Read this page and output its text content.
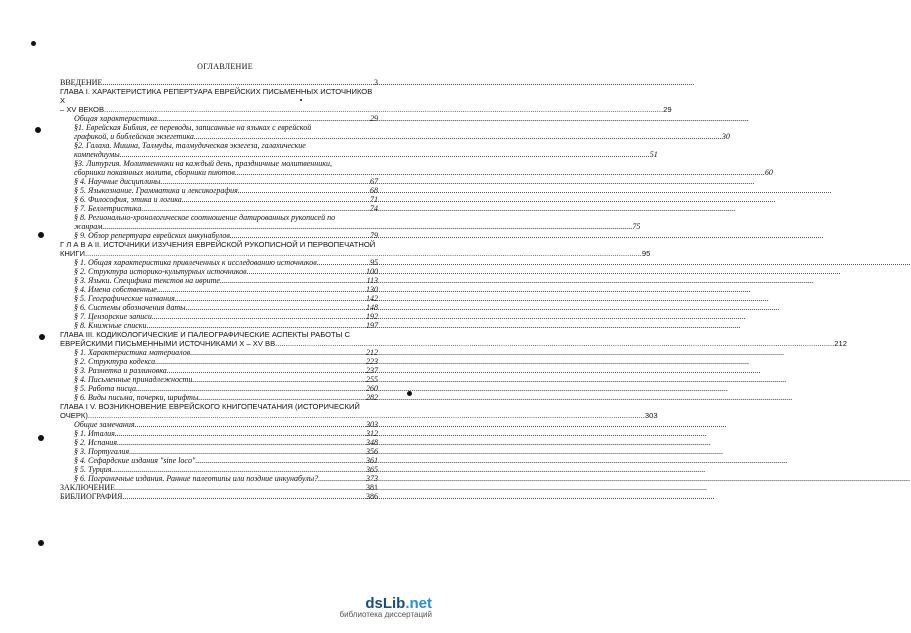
ОГЛАВЛЕНИЕ
ВВЕДЕНИЕ .....	3
ГЛАВА I. ХАРАКТЕРИСТИКА РЕПЕРТУАРА ЕВРЕЙСКИХ ПИСЬМЕННЫХ ИСТОЧНИКОВ X
– XV ВЕКОВ. .....	29
Общая характеристика .....	29
§1. Еврейская Библия, ее переводы, записанные на языках с еврейской
графикой, и библейская экзегетика .....	30
§2. Галаха. Мишна, Талмуды, талмудическая экзегеза, галахические
компендиумы. .....	51
§3. Литургия. Молитвенники на каждый день, праздничные молитвенники,
сборники покаянных молитв, сборники пиютов. .....	60
§ 4. Научные дисциплины. .....	67
§ 5. Языкознание. Грамматика и лексикография. .....	68
§ 6. Философия, этика и логика. .....	71
§ 7. Беллетристика. .....	74
§ 8. Регионально-хронологическое соотношение датированных рукописей по
жанрам. .....	75
§ 9. Обзор репертуара еврейских инкунабулов. .....	79
Г Л А В А II. ИСТОЧНИКИ ИЗУЧЕНИЯ ЕВРЕЙСКОЙ РУКОПИСНОЙ И ПЕРВОПЕЧАТНОЙ
КНИГИ .....	95
§ 1. Общая характеристика привлеченных к исследованию источников. .....	95
§ 2. Структура историко-культурных источников. .....	100
§ 3. Языки. Специфика текстов на иврите. .....	113
§ 4. Имена собственные. .....	130
§ 5. Географические названия. .....	142
§ 6. Системы обозначения даты. .....	148
§ 7. Цензорские записи. .....	192
§ 8. Книжные списки. .....	197
ГЛАВА III. КОДИКОЛОГИЧЕСКИЕ И ПАЛЕОГРАФИЧЕСКИЕ АСПЕКТЫ РАБОТЫ С
ЕВРЕЙСКИМИ ПИСЬМЕННЫМИ ИСТОЧНИКАМИ X – XV ВВ. .....	212
§ 1. Характеристика материалов. .....	212
§ 2. Структура кодекса. .....	223
§ 3. Разметка и разлиновка. .....	237
§ 4. Письменные принадлежности. .....	255
§ 5. Работа писца .....	260
§ 6. Виды письма, почерки, шрифты. .....	282
ГЛАВА I V. ВОЗНИКНОВЕНИЕ ЕВРЕЙСКОГО КНИГОПЕЧАТАНИЯ (ИСТОРИЧЕСКИЙ
ОЧЕРК) .....	303
Общие замечания .....	303
§ 1. Италия .....	312
§ 2. Испания. .....	348
§ 3. Португалия. .....	356
§ 4. Сефардские издания "sine loco" .....	361
§ 5. Турция. .....	365
§ 6. Пограничные издания. Ранние палеотипы или поздние инкунабулы? .....	373
ЗАКЛЮЧЕНИЕ .....	381
БИБЛИОГРАФИЯ .....	386
dsLib.net
библиотека диссертаций
